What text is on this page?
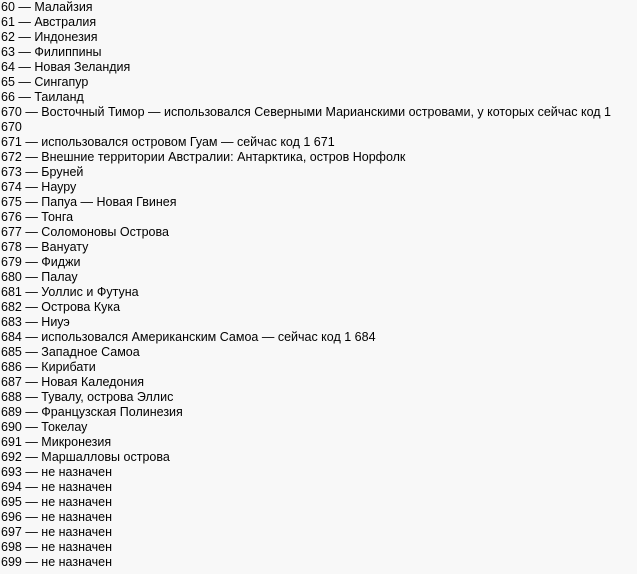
60 — Малайзия
61 — Австралия
62 — Индонезия
63 — Филиппины
64 — Новая Зеландия
65 — Сингапур
66 — Таиланд
670 — Восточный Тимор — использовался Северными Марианскими островами, у которых сейчас код 1 670
671 — использовался островом Гуам — сейчас код 1 671
672 — Внешние территории Австралии: Антарктика, остров Норфолк
673 — Бруней
674 — Науру
675 — Папуа — Новая Гвинея
676 — Тонга
677 — Соломоновы Острова
678 — Вануату
679 — Фиджи
680 — Палау
681 — Уоллис и Футуна
682 — Острова Кука
683 — Ниуэ
684 — использовался Американским Самоа — сейчас код 1 684
685 — Западное Самоа
686 — Кирибати
687 — Новая Каледония
688 — Тувалу, острова Эллис
689 — Французская Полинезия
690 — Токелау
691 — Микронезия
692 — Маршалловы острова
693 — не назначен
694 — не назначен
695 — не назначен
696 — не назначен
697 — не назначен
698 — не назначен
699 — не назначен
